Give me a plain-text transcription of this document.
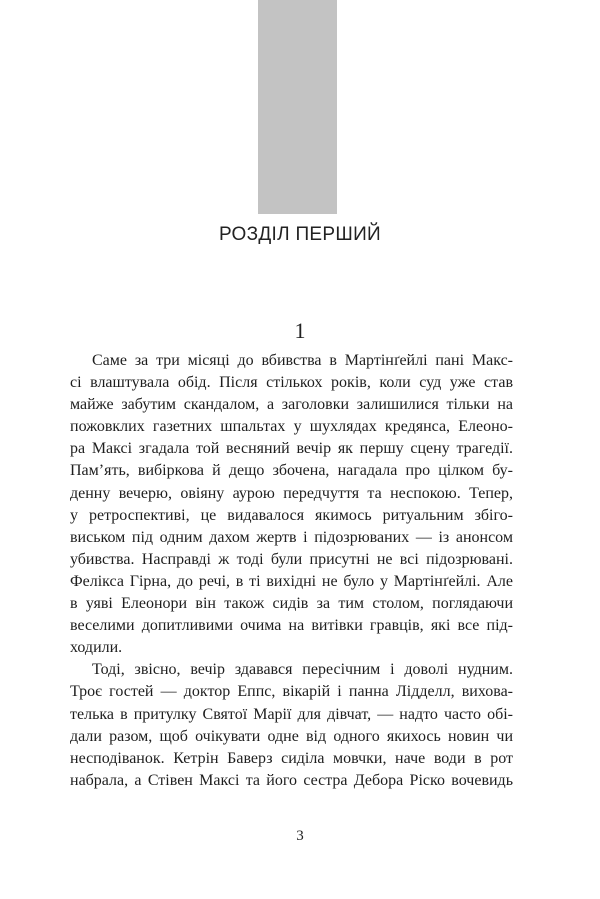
РОЗДІЛ ПЕРШИЙ
1
Саме за три місяці до вбивства в Мартінґейлі пані Макс-
сі влаштувала обід. Після стількох років, коли суд уже став
майже забутим скандалом, а заголовки залишилися тільки на
пожовклих газетних шпальтах у шухлядах кредянса, Елеоно-
ра Максі згадала той весняний вечір як першу сцену трагедії.
Пам’ять, вибіркова й дещо збочена, нагадала про цілком бу-
денну вечерю, овіяну аурою передчуття та неспокою. Тепер,
у ретроспективі, це видавалося якимось ритуальним збіго-
виськом під одним дахом жертв і підозрюваних — із анонсом
убивства. Насправді ж тоді були присутні не всі підозрювані.
Фелікса Гірна, до речі, в ті вихідні не було у Мартінґейлі. Але
в уяві Елеонори він також сидів за тим столом, поглядаючи
веселими допитливими очима на витівки гравців, які все під-
ходили.
Тоді, звісно, вечір здавався пересічним і доволі нудним.
Троє гостей — доктор Еппс, вікарій і панна Лідделл, вихова-
телька в притулку Святої Марії для дівчат, — надто часто обі-
дали разом, щоб очікувати одне від одного якихось новин чи
несподіванок. Кетрін Баверз сиділа мовчки, наче води в рот
набрала, а Стівен Максі та його сестра Дебора Ріско вочевидь
3
